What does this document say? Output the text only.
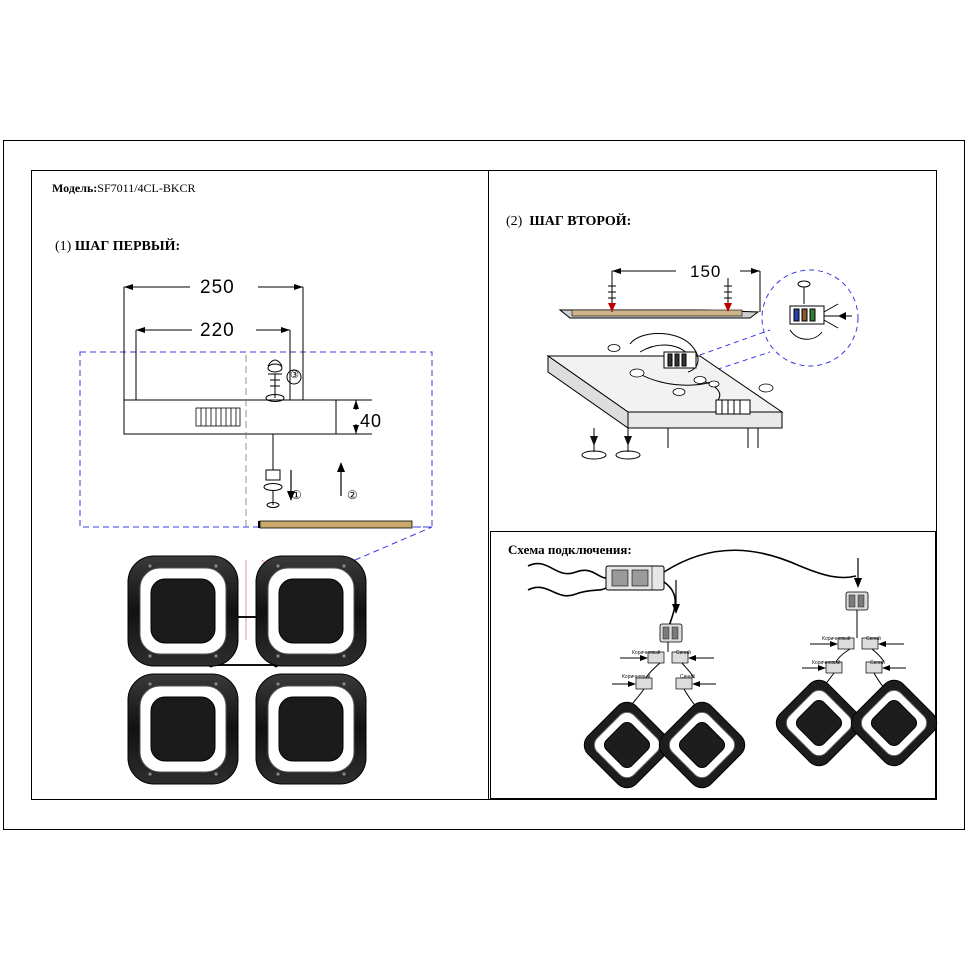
Модель:SF7011/4CL-BKCR
(1) ШАГ ПЕРВЫЙ:
(2) ШАГ ВТОРОЙ:
Схема подключения:
250
220
40
150
①	②
③
Коричневый	Синий
Коричневый	Синий
Коричневый	Синий
Коричневый	Синий
